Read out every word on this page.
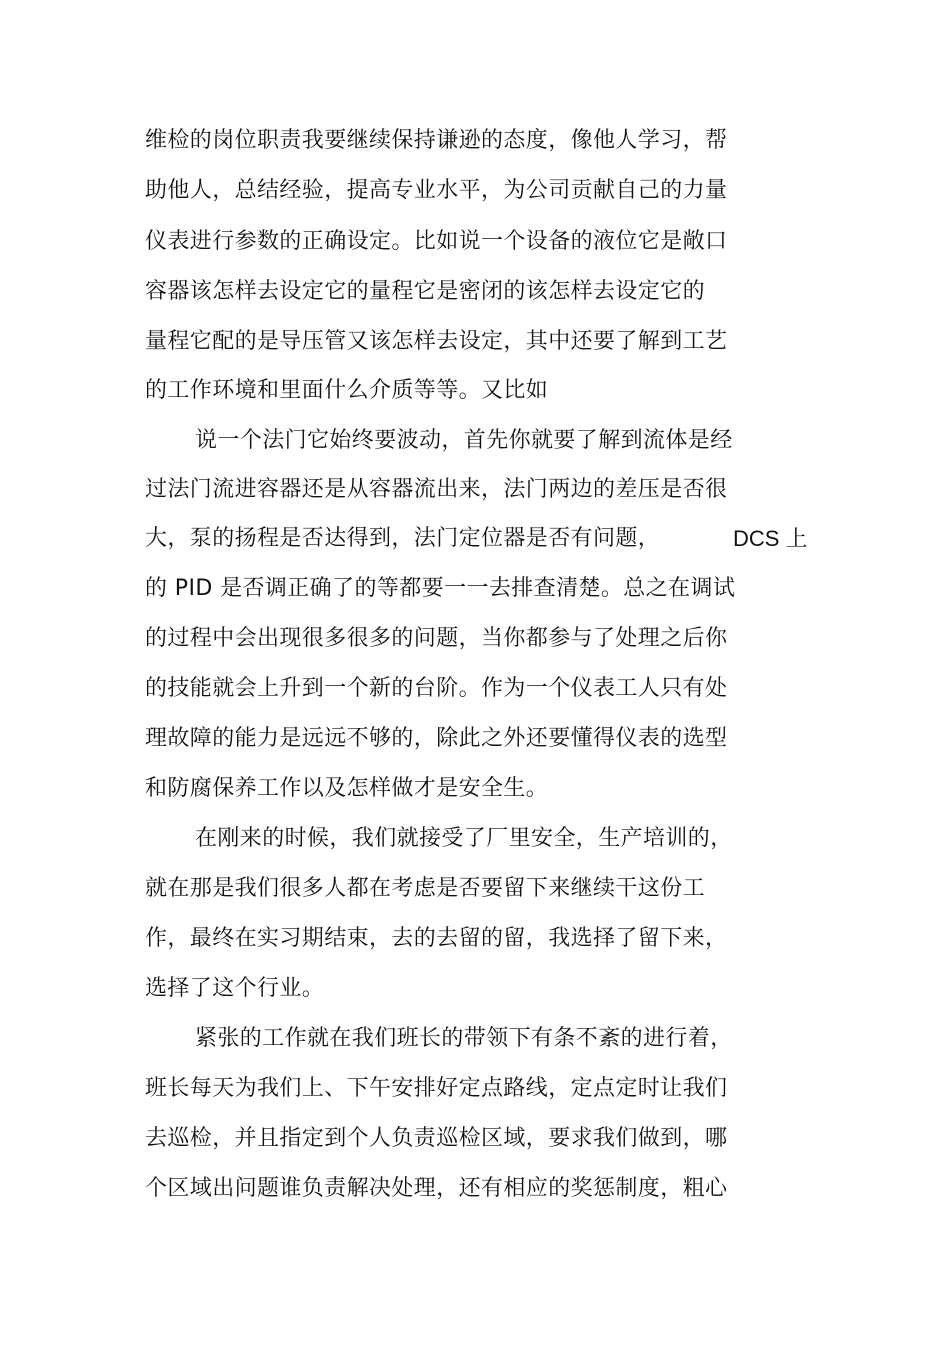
维检的岗位职责我要继续保持谦逊的态度，像他人学习，帮
助他人，总结经验，提高专业水平，为公司贡献自己的力量
仪表进行参数的正确设定。比如说一个设备的液位它是敞口
容器该怎样去设定它的量程它是密闭的该怎样去设定它的
量程它配的是导压管又该怎样去设定，其中还要了解到工艺
的工作环境和里面什么介质等等。又比如
说一个法门它始终要波动，首先你就要了解到流体是经
过法门流进容器还是从容器流出来，法门两边的差压是否很
大，泵的扬程是否达得到，法门定位器是否有问题，	DCS 上
的 PID 是否调正确了的等都要一一去排查清楚。总之在调试
的过程中会出现很多很多的问题，当你都参与了处理之后你
的技能就会上升到一个新的台阶。作为一个仪表工人只有处
理故障的能力是远远不够的，除此之外还要懂得仪表的选型
和防腐保养工作以及怎样做才是安全生。
在刚来的时候，我们就接受了厂里安全，生产培训的，
就在那是我们很多人都在考虑是否要留下来继续干这份工
作，最终在实习期结束，去的去留的留，我选择了留下来，
选择了这个行业。
紧张的工作就在我们班长的带领下有条不紊的进行着，
班长每天为我们上、下午安排好定点路线，定点定时让我们
去巡检，并且指定到个人负责巡检区域，要求我们做到，哪
个区域出问题谁负责解决处理，还有相应的奖惩制度，粗心
